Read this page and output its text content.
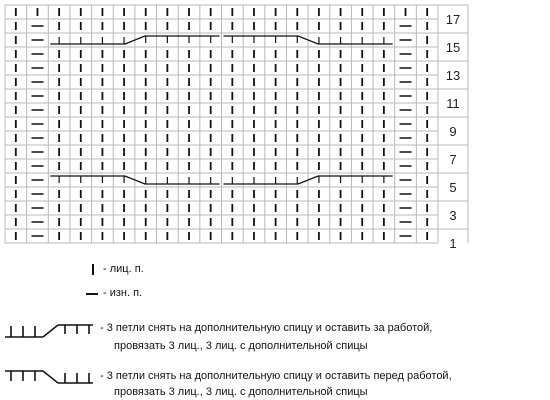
17
15
13
11
9
7
5
3
1
- лиц. п.
- изн. п.
- 3 петли снять на дополнительную спицу и оставить за работой,
провязать 3 лиц., 3 лиц. с дополнительной спицы
- 3 петли снять на дополнительную спицу и оставить перед работой,
провязать 3 лиц., 3 лиц. с дополнительной спицы
